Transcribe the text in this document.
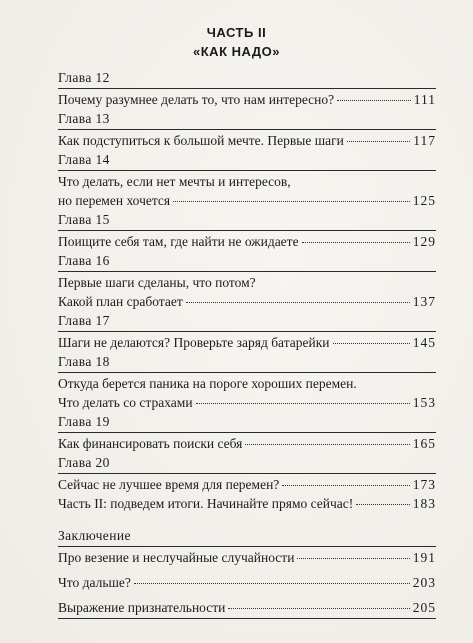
ЧАСТЬ II
«КАК НАДО»
Глава 12
Почему разумнее делать то, что нам интересно?	111
Глава 13
Как подступиться к большой мечте. Первые шаги	117
Глава 14
Что делать, если нет мечты и интересов,
но перемен хочется	125
Глава 15
Поищите себя там, где найти не ожидаете	129
Глава 16
Первые шаги сделаны, что потом?
Какой план сработает	137
Глава 17
Шаги не делаются? Проверьте заряд батарейки	145
Глава 18
Откуда берется паника на пороге хороших перемен.
Что делать со страхами	153
Глава 19
Как финансировать поиски себя	165
Глава 20
Сейчас не лучшее время для перемен?	173
Часть II: подведем итоги. Начинайте прямо сейчас!	183
Заключение
Про везение и неслучайные случайности	191
Что дальше?	203
Выражение признательности	205
